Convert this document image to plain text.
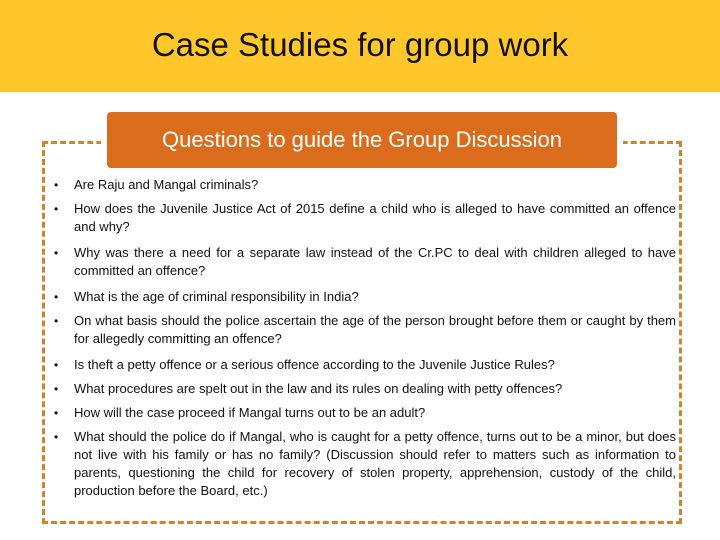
Case Studies for group work
Questions to guide the Group Discussion
• Are Raju and Mangal criminals?
• How does the Juvenile Justice Act of 2015 define a child who is alleged to have committed an offence and why?
• Why was there a need for a separate law instead of the Cr.PC to deal with children alleged to have committed an offence?
• What is the age of criminal responsibility in India?
• On what basis should the police ascertain the age of the person brought before them or caught by them for allegedly committing an offence?
• Is theft a petty offence or a serious offence according to the Juvenile Justice Rules?
• What procedures are spelt out in the law and its rules on dealing with petty offences?
• How will the case proceed if Mangal turns out to be an adult?
• What should the police do if Mangal, who is caught for a petty offence, turns out to be a minor, but does not live with his family or has no family? (Discussion should refer to matters such as information to parents, questioning the child for recovery of stolen property, apprehension, custody of the child, production before the Board, etc.)
